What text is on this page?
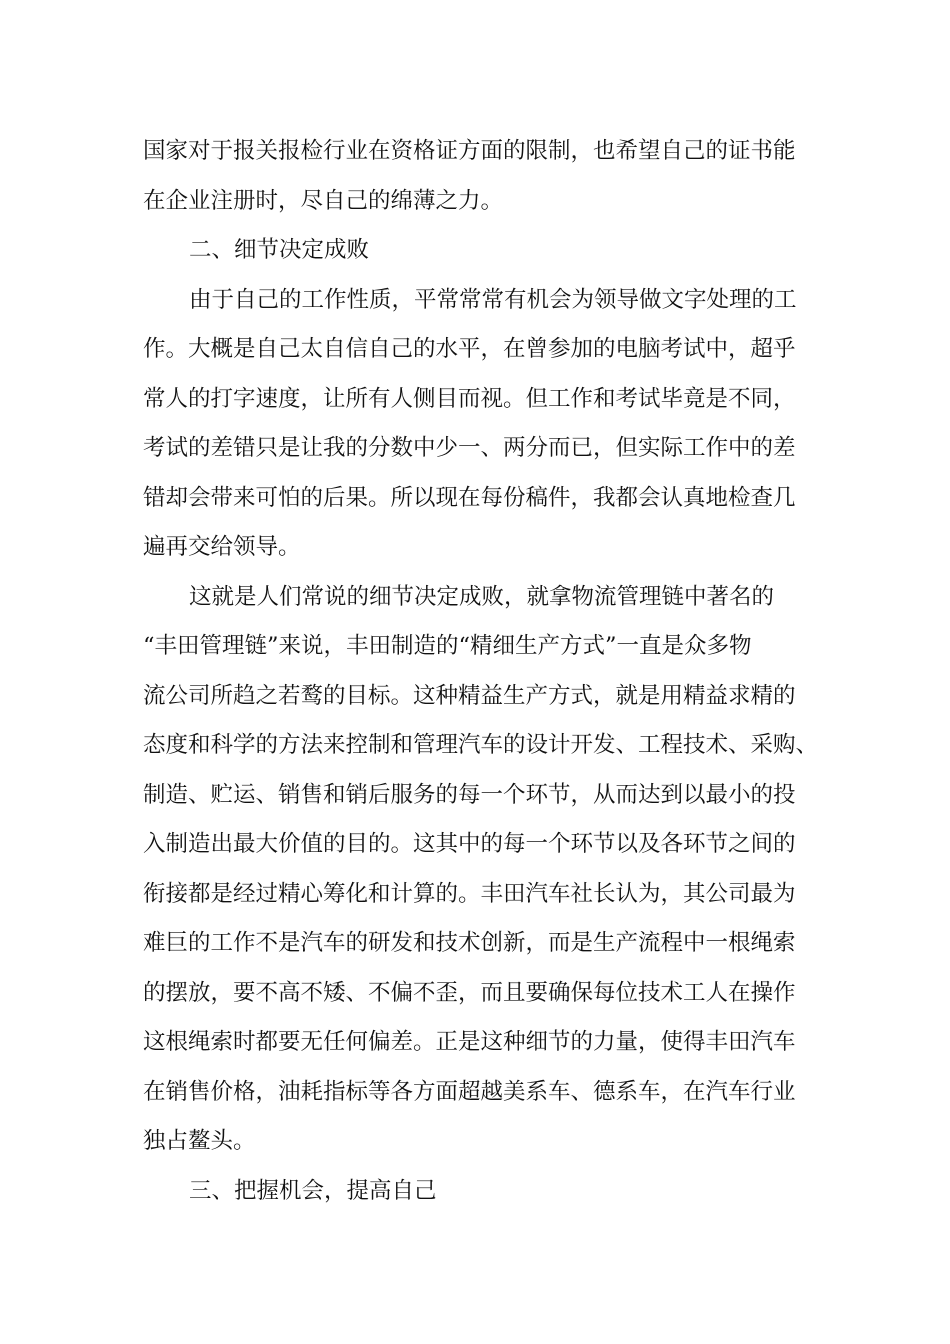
国家对于报关报检行业在资格证方面的限制，也希望自己的证书能
在企业注册时，尽自己的绵薄之力。
二、细节决定成败
由于自己的工作性质，平常常常有机会为领导做文字处理的工
作。大概是自己太自信自己的水平，在曾参加的电脑考试中，超乎
常人的打字速度，让所有人侧目而视。但工作和考试毕竟是不同，
考试的差错只是让我的分数中少一、两分而已，但实际工作中的差
错却会带来可怕的后果。所以现在每份稿件，我都会认真地检查几
遍再交给领导。
这就是人们常说的细节决定成败，就拿物流管理链中著名的
“丰田管理链”来说，丰田制造的“精细生产方式”一直是众多物
流公司所趋之若鹜的目标。这种精益生产方式，就是用精益求精的
态度和科学的方法来控制和管理汽车的设计开发、工程技术、采购、
制造、贮运、销售和销后服务的每一个环节，从而达到以最小的投
入制造出最大价值的目的。这其中的每一个环节以及各环节之间的
衔接都是经过精心筹化和计算的。丰田汽车社长认为，其公司最为
难巨的工作不是汽车的研发和技术创新，而是生产流程中一根绳索
的摆放，要不高不矮、不偏不歪，而且要确保每位技术工人在操作
这根绳索时都要无任何偏差。正是这种细节的力量，使得丰田汽车
在销售价格，油耗指标等各方面超越美系车、德系车，在汽车行业
独占鳌头。
三、把握机会，提高自己
